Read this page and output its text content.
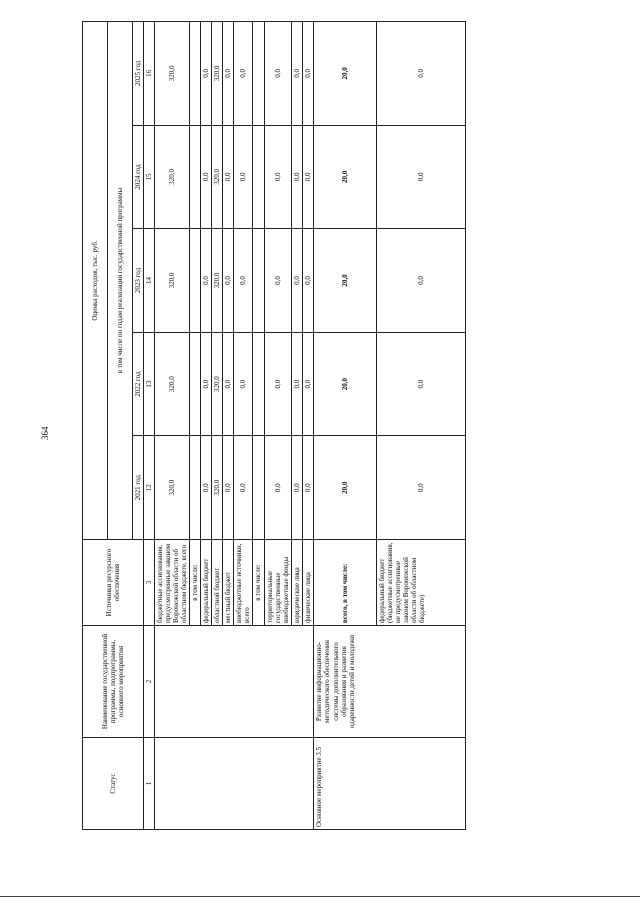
364
Статус	Наименование государственной программы, подпрограммы, основного мероприятия	Источники ресурсного обеспечения	Оценка расходов, тыс. руб.				
			в том числе по годам реализации государственной программы				
			2021 год	2022 год	2023 год	2024 год	2025 год
1	2	3	12	13	14	15	16
		бюджетные ассигнования, предусмотренные законом Воронежской области об областном бюджете, всего	320,0	320,0	320,0	320,0	320,0
		в том числе:					
		федеральный бюджет	0,0	0,0	0,0	0,0	0,0
		областной бюджет	320,0	320,0	320,0	320,0	320,0
		местный бюджет	0,0	0,0	0,0	0,0	0,0
		внебюджетные источники, всего	0,0	0,0	0,0	0,0	0,0
		в том числе:					
		территориальные государственные внебюджетные фонды	0,0	0,0	0,0	0,0	0,0
		юридические лица	0,0	0,0	0,0	0,0	0,0
		физические лица	0,0	0,0	0,0	0,0	0,0
Основное мероприятие 3.5	Развитие информационно-методического обеспечения системы дополнительного образования и развития одаренности детей и молодежи	всего, в том числе:	20,0	20,0	20,0	20,0	20,0
		федеральный бюджет (бюджетные ассигнования, не предусмотренные законом Воронежской области об областном бюджете)	0,0	0,0	0,0	0,0	0,0
